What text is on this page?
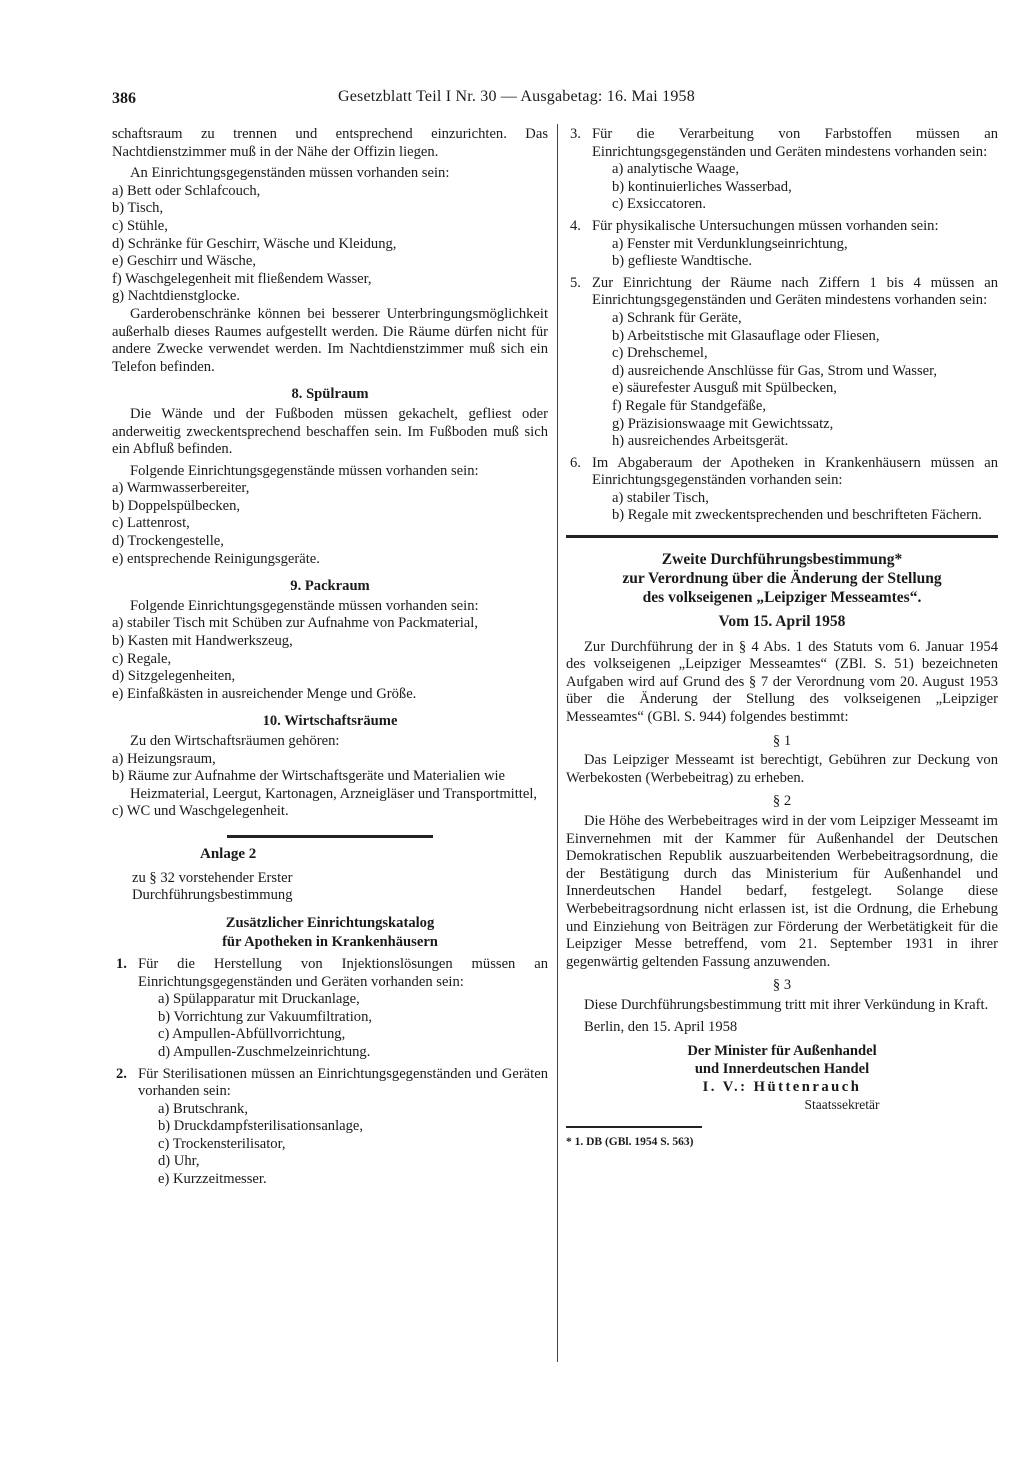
386	Gesetzblatt Teil I Nr. 30 — Ausgabetag: 16. Mai 1958

schaftsraum zu trennen und entsprechend einzurichten. Das Nachtdienstzimmer muß in der Nähe der Offizin liegen.

An Einrichtungsgegenständen müssen vorhanden sein:

a) Bett oder Schlafcouch,
b) Tisch,
c) Stühle,
d) Schränke für Geschirr, Wäsche und Kleidung,
e) Geschirr und Wäsche,
f) Waschgelegenheit mit fließendem Wasser,
g) Nachtdienstglocke.

Garderobenschränke können bei besserer Unterbringungsmöglichkeit außerhalb dieses Raumes aufgestellt werden. Die Räume dürfen nicht für andere Zwecke verwendet werden. Im Nachtdienstzimmer muß sich ein Telefon befinden.

8. Spülraum

Die Wände und der Fußboden müssen gekachelt, gefliest oder anderweitig zweckentsprechend beschaffen sein. Im Fußboden muß sich ein Abfluß befinden.

Folgende Einrichtungsgegenstände müssen vorhanden sein:

a) Warmwasserbereiter,
b) Doppelspülbecken,
c) Lattenrost,
d) Trockengestelle,
e) entsprechende Reinigungsgeräte.
9. Packraum

Folgende Einrichtungsgegenstände müssen vorhanden sein:

a) stabiler Tisch mit Schüben zur Aufnahme von Packmaterial,
b) Kasten mit Handwerkszeug,
c) Regale,
d) Sitzgelegenheiten,
e) Einfaßkästen in ausreichender Menge und Größe.
10. Wirtschaftsräume

Zu den Wirtschaftsräumen gehören:

a) Heizungsraum,
b) Räume zur Aufnahme der Wirtschaftsgeräte und Materialien wie Heizmaterial, Leergut, Kartonagen, Arzneigläser und Transportmittel,
c) WC und Waschgelegenheit.
Anlage 2
zu § 32 vorstehender Erster
Durchführungsbestimmung
Zusätzlicher Einrichtungskatalog
für Apotheken in Krankenhäusern
1. Für die Herstellung von Injektionslösungen müssen an Einrichtungsgegenständen und Geräten vorhanden sein:

a) Spülapparatur mit Druckanlage,
b) Vorrichtung zur Vakuumfiltration,
c) Ampullen-Abfüllvorrichtung,
d) Ampullen-Zuschmelzeinrichtung.
2. Für Sterilisationen müssen an Einrichtungsgegenständen und Geräten vorhanden sein:

a) Brutschrank,
b) Druckdampfsterilisationsanlage,
c) Trockensterilisator,
d) Uhr,
e) Kurzzeitmesser.
3. Für die Verarbeitung von Farbstoffen müssen an Einrichtungsgegenständen und Geräten mindestens vorhanden sein:

a) analytische Waage,
b) kontinuierliches Wasserbad,
c) Exsiccatoren.
4. Für physikalische Untersuchungen müssen vorhanden sein:

a) Fenster mit Verdunklungseinrichtung,
b) geflieste Wandtische.
5. Zur Einrichtung der Räume nach Ziffern 1 bis 4 müssen an Einrichtungsgegenständen und Geräten mindestens vorhanden sein:

a) Schrank für Geräte,
b) Arbeitstische mit Glasauflage oder Fliesen,
c) Drehschemel,
d) ausreichende Anschlüsse für Gas, Strom und Wasser,
e) säurefester Ausguß mit Spülbecken,
f) Regale für Standgefäße,
g) Präzisionswaage mit Gewichtssatz,
h) ausreichendes Arbeitsgerät.
6. Im Abgaberaum der Apotheken in Krankenhäusern müssen an Einrichtungsgegenständen vorhanden sein:

a) stabiler Tisch,
b) Regale mit zweckentsprechenden und beschrifteten Fächern.
Zweite Durchführungsbestimmung*
zur Verordnung über die Änderung der Stellung
des volkseigenen „Leipziger Messeamtes“.
Vom 15. April 1958

Zur Durchführung der in § 4 Abs. 1 des Statuts vom 6. Januar 1954 des volkseigenen „Leipziger Messeamtes“ (ZBl. S. 51) bezeichneten Aufgaben wird auf Grund des § 7 der Verordnung vom 20. August 1953 über die Änderung der Stellung des volkseigenen „Leipziger Messeamtes“ (GBl. S. 944) folgendes bestimmt:

§ 1

Das Leipziger Messeamt ist berechtigt, Gebühren zur Deckung von Werbekosten (Werbebeitrag) zu erheben.

§ 2

Die Höhe des Werbebeitrages wird in der vom Leipziger Messeamt im Einvernehmen mit der Kammer für Außenhandel der Deutschen Demokratischen Republik auszuarbeitenden Werbebeitragsordnung, die der Bestätigung durch das Ministerium für Außenhandel und Innerdeutschen Handel bedarf, festgelegt. Solange diese Werbebeitragsordnung nicht erlassen ist, ist die Ordnung, die Erhebung und Einziehung von Beiträgen zur Förderung der Werbetätigkeit für die Leipziger Messe betreffend, vom 21. September 1931 in ihrer gegenwärtig geltenden Fassung anzuwenden.

§ 3

Diese Durchführungsbestimmung tritt mit ihrer Verkündung in Kraft.

Berlin, den 15. April 1958

Der Minister für Außenhandel
und Innerdeutschen Handel
I. V.: Hüttenrauch
Staatssekretär
* 1. DB (GBl. 1954 S. 563)
